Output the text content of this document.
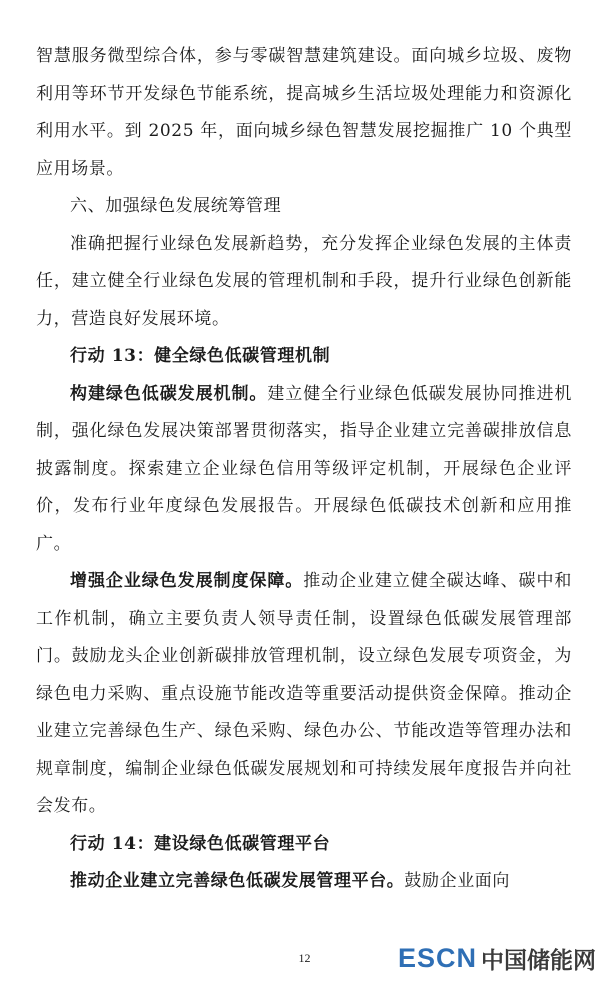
智慧服务微型综合体，参与零碳智慧建筑建设。面向城乡垃圾、废物利用等环节开发绿色节能系统，提高城乡生活垃圾处理能力和资源化利用水平。到 2025 年，面向城乡绿色智慧发展挖掘推广 10 个典型应用场景。

六、加强绿色发展统筹管理

准确把握行业绿色发展新趋势，充分发挥企业绿色发展的主体责任，建立健全行业绿色发展的管理机制和手段，提升行业绿色创新能力，营造良好发展环境。

行动 13：健全绿色低碳管理机制

构建绿色低碳发展机制。建立健全行业绿色低碳发展协同推进机制，强化绿色发展决策部署贯彻落实，指导企业建立完善碳排放信息披露制度。探索建立企业绿色信用等级评定机制，开展绿色企业评价，发布行业年度绿色发展报告。开展绿色低碳技术创新和应用推广。

增强企业绿色发展制度保障。推动企业建立健全碳达峰、碳中和工作机制，确立主要负责人领导责任制，设置绿色低碳发展管理部门。鼓励龙头企业创新碳排放管理机制，设立绿色发展专项资金，为绿色电力采购、重点设施节能改造等重要活动提供资金保障。推动企业建立完善绿色生产、绿色采购、绿色办公、节能改造等管理办法和规章制度，编制企业绿色低碳发展规划和可持续发展年度报告并向社会发布。

行动 14：建设绿色低碳管理平台

推动企业建立完善绿色低碳发展管理平台。鼓励企业面向

12	ESCN 中国储能网
